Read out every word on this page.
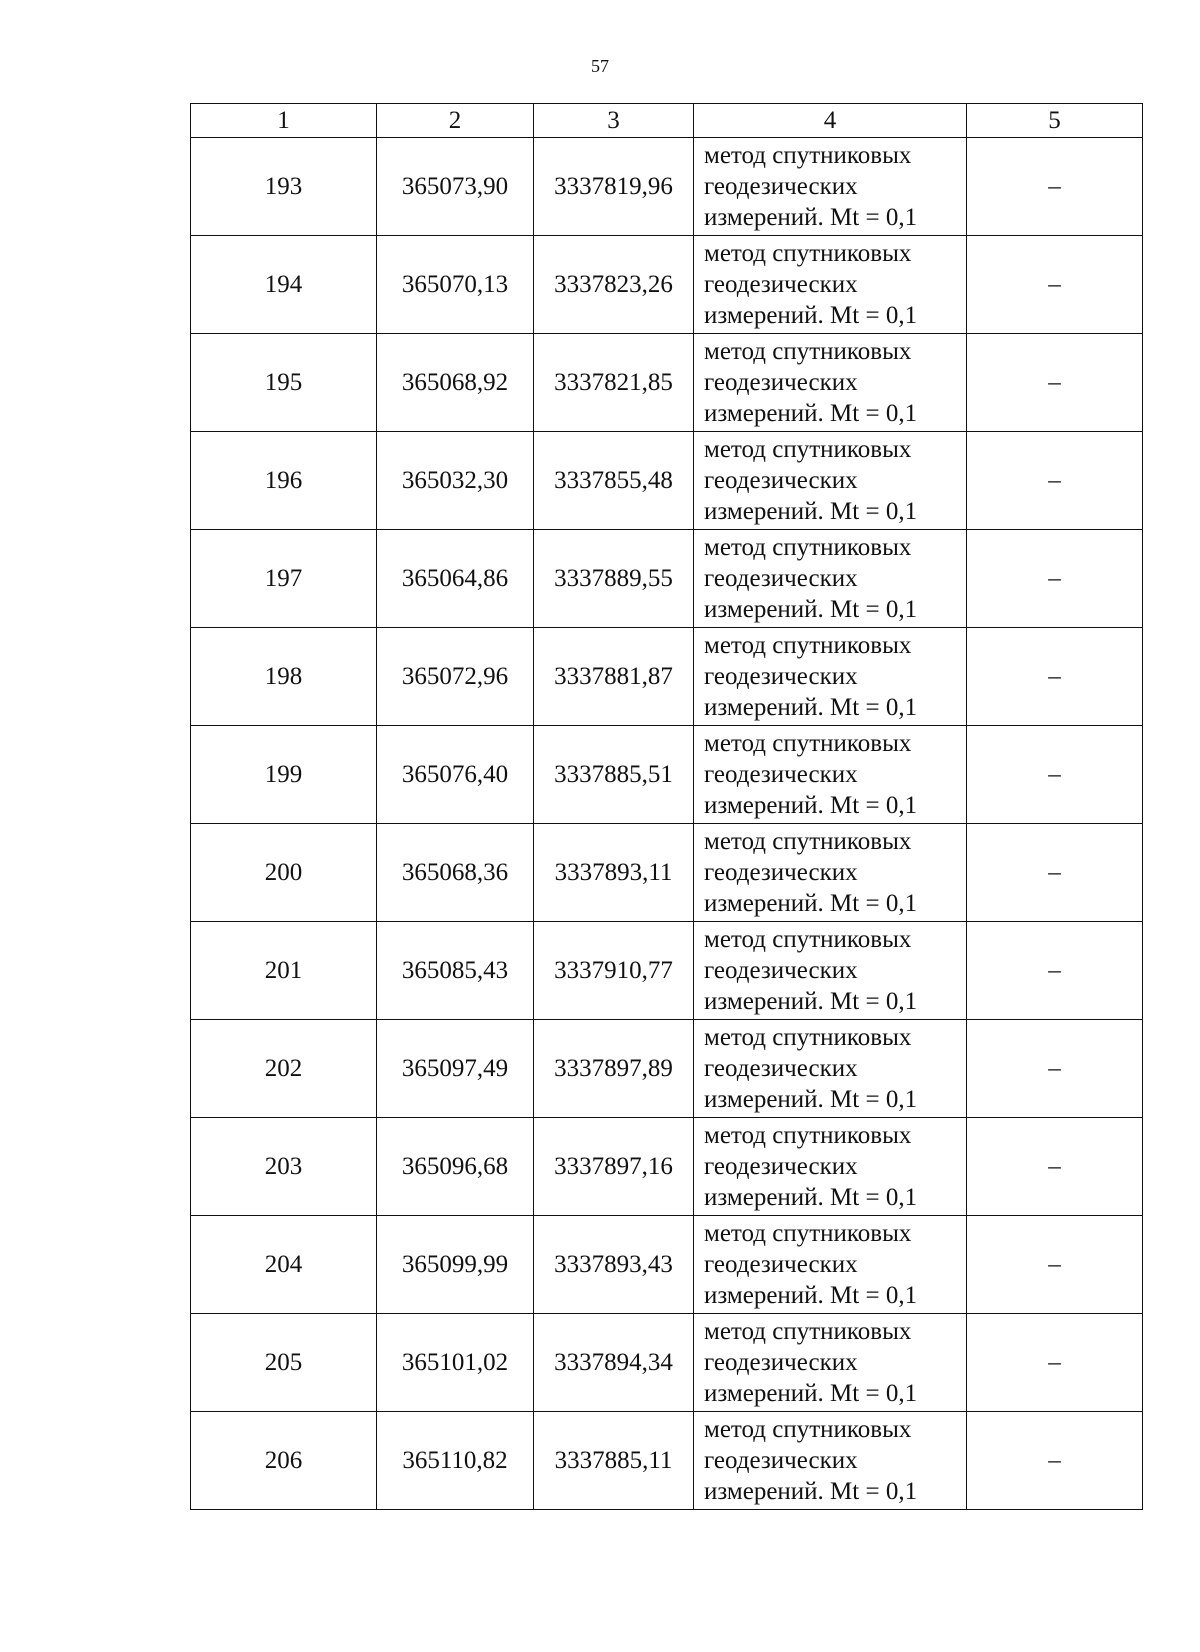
57
1	2	3	4	5
193	365073,90	3337819,96	метод спутниковых
геодезических
измерений. Mt = 0,1	–
194	365070,13	3337823,26	метод спутниковых
геодезических
измерений. Mt = 0,1	–
195	365068,92	3337821,85	метод спутниковых
геодезических
измерений. Mt = 0,1	–
196	365032,30	3337855,48	метод спутниковых
геодезических
измерений. Mt = 0,1	–
197	365064,86	3337889,55	метод спутниковых
геодезических
измерений. Mt = 0,1	–
198	365072,96	3337881,87	метод спутниковых
геодезических
измерений. Mt = 0,1	–
199	365076,40	3337885,51	метод спутниковых
геодезических
измерений. Mt = 0,1	–
200	365068,36	3337893,11	метод спутниковых
геодезических
измерений. Mt = 0,1	–
201	365085,43	3337910,77	метод спутниковых
геодезических
измерений. Mt = 0,1	–
202	365097,49	3337897,89	метод спутниковых
геодезических
измерений. Mt = 0,1	–
203	365096,68	3337897,16	метод спутниковых
геодезических
измерений. Mt = 0,1	–
204	365099,99	3337893,43	метод спутниковых
геодезических
измерений. Mt = 0,1	–
205	365101,02	3337894,34	метод спутниковых
геодезических
измерений. Mt = 0,1	–
206	365110,82	3337885,11	метод спутниковых
геодезических
измерений. Mt = 0,1	–
